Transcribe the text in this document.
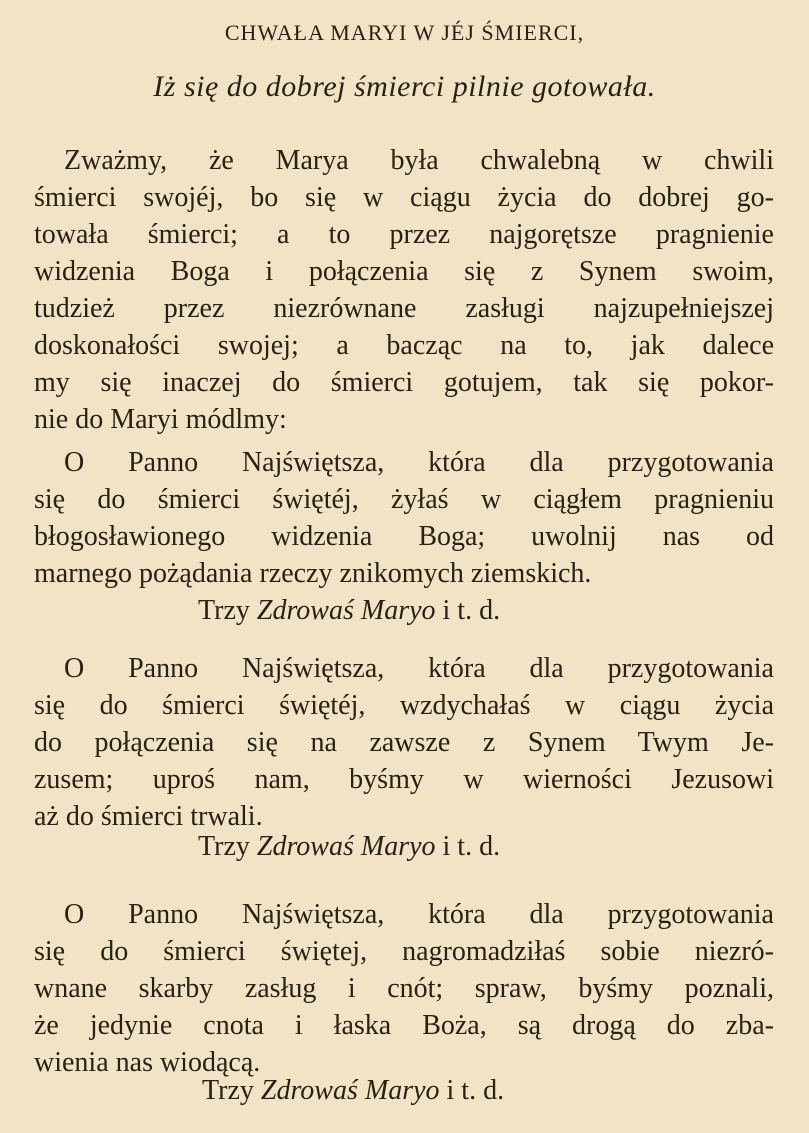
CHWAŁA MARYI W JÉJ ŚMIERCI,
Iż się do dobrej śmierci pilnie gotowała.
Zważmy, że Marya była chwalebną w chwili
śmierci swojéj, bo się w ciągu życia do dobrej go-
towała śmierci; a to przez najgorętsze pragnienie
widzenia Boga i połączenia się z Synem swoim,
tudzież przez niezrównane zasługi najzupełniejszej
doskonałości swojej; a bacząc na to, jak dalece
my się inaczej do śmierci gotujem, tak się pokor-
nie do Maryi módlmy:
O Panno Najświętsza, która dla przygotowania
się do śmierci świętéj, żyłaś w ciągłem pragnieniu
błogosławionego widzenia Boga; uwolnij nas od
marnego pożądania rzeczy znikomych ziemskich.
Trzy Zdrowaś Maryo i t. d.
O Panno Najświętsza, która dla przygotowania
się do śmierci świętéj, wzdychałaś w ciągu życia
do połączenia się na zawsze z Synem Twym Je-
zusem; uproś nam, byśmy w wierności Jezusowi
aż do śmierci trwali.
Trzy Zdrowaś Maryo i t. d.
O Panno Najświętsza, która dla przygotowania
się do śmierci świętej, nagromadziłaś sobie niezró-
wnane skarby zasług i cnót; spraw, byśmy poznali,
że jedynie cnota i łaska Boża, są drogą do zba-
wienia nas wiodącą.
Trzy Zdrowaś Maryo i t. d.
